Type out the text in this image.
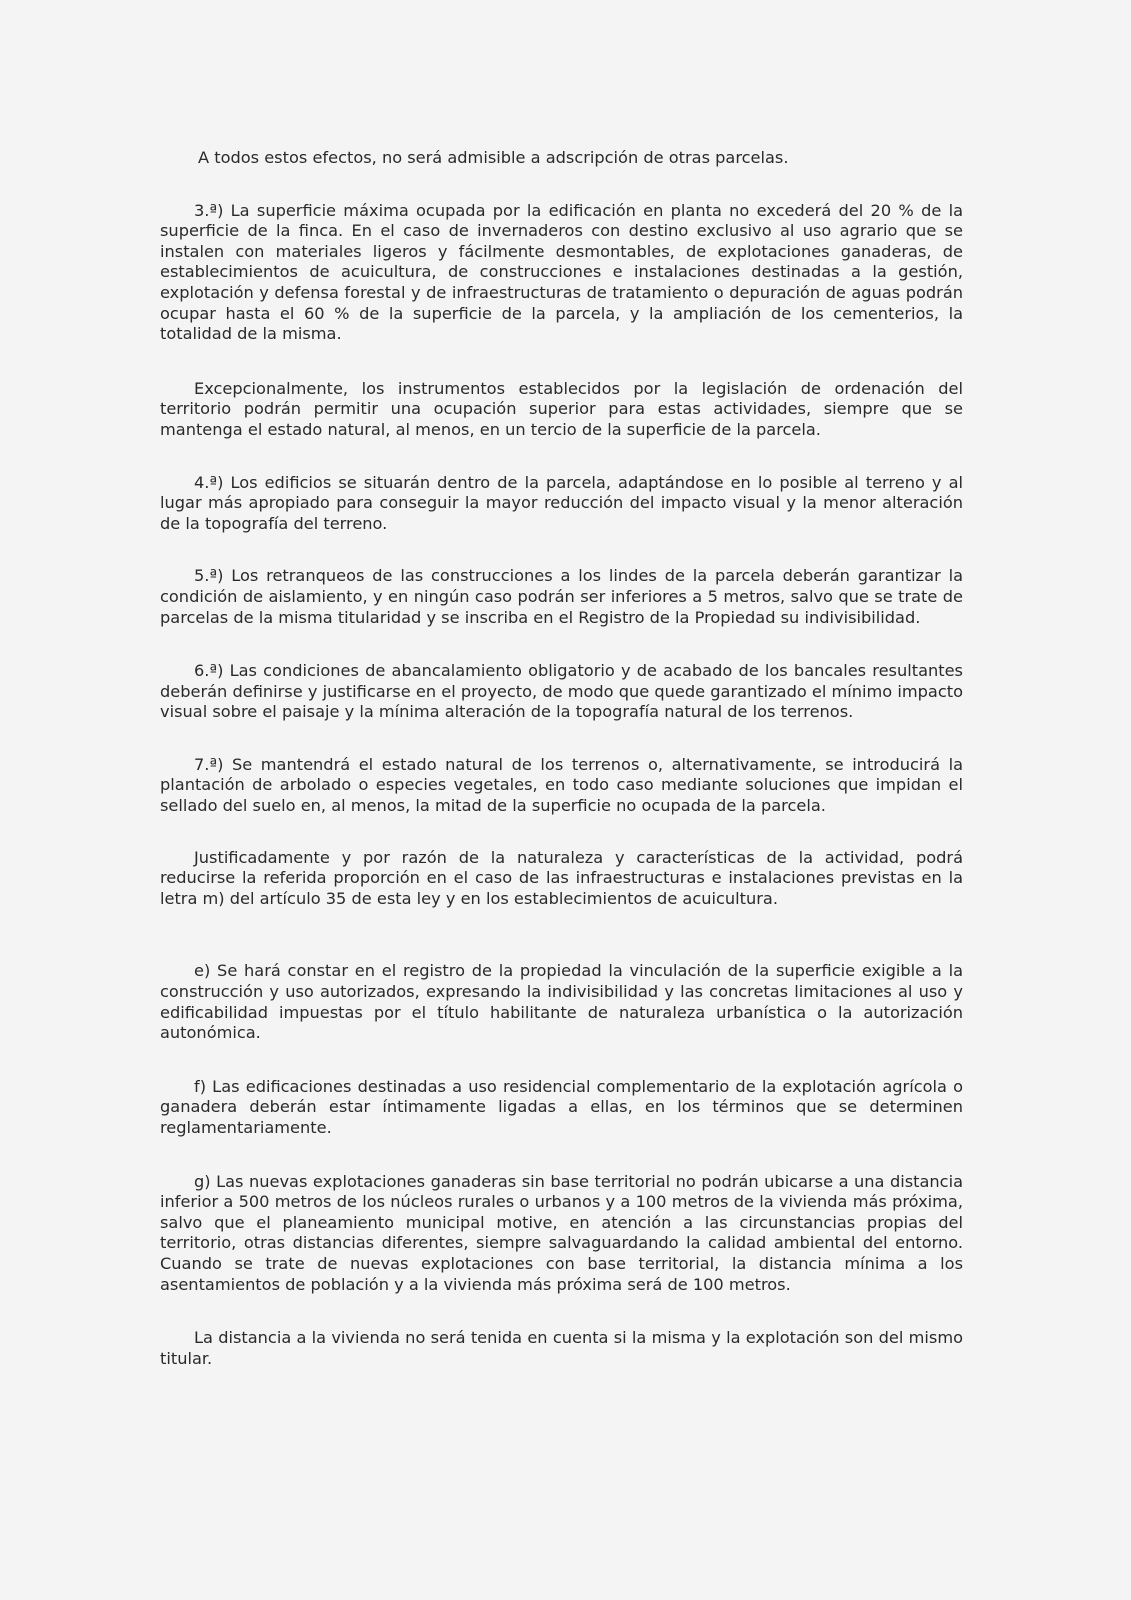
A todos estos efectos, no será admisible a adscripción de otras parcelas.

3.ª) La superficie máxima ocupada por la edificación en planta no excederá del 20 % de la superficie de la finca. En el caso de invernaderos con destino exclusivo al uso agrario que se instalen con materiales ligeros y fácilmente desmontables, de explotaciones ganaderas, de establecimientos de acuicultura, de construcciones e instalaciones destinadas a la gestión, explotación y defensa forestal y de infraestructuras de tratamiento o depuración de aguas podrán ocupar hasta el 60 % de la superficie de la parcela, y la ampliación de los cementerios, la totalidad de la misma.

Excepcionalmente, los instrumentos establecidos por la legislación de ordenación del territorio podrán permitir una ocupación superior para estas actividades, siempre que se mantenga el estado natural, al menos, en un tercio de la superficie de la parcela.

4.ª) Los edificios se situarán dentro de la parcela, adaptándose en lo posible al terreno y al lugar más apropiado para conseguir la mayor reducción del impacto visual y la menor alteración de la topografía del terreno.

5.ª) Los retranqueos de las construcciones a los lindes de la parcela deberán garantizar la condición de aislamiento, y en ningún caso podrán ser inferiores a 5 metros, salvo que se trate de parcelas de la misma titularidad y se inscriba en el Registro de la Propiedad su indivisibilidad.

6.ª) Las condiciones de abancalamiento obligatorio y de acabado de los bancales resultantes deberán definirse y justificarse en el proyecto, de modo que quede garantizado el mínimo impacto visual sobre el paisaje y la mínima alteración de la topografía natural de los terrenos.

7.ª) Se mantendrá el estado natural de los terrenos o, alternativamente, se introducirá la plantación de arbolado o especies vegetales, en todo caso mediante soluciones que impidan el sellado del suelo en, al menos, la mitad de la superficie no ocupada de la parcela.

Justificadamente y por razón de la naturaleza y características de la actividad, podrá reducirse la referida proporción en el caso de las infraestructuras e instalaciones previstas en la letra m) del artículo 35 de esta ley y en los establecimientos de acuicultura.

e) Se hará constar en el registro de la propiedad la vinculación de la superficie exigible a la construcción y uso autorizados, expresando la indivisibilidad y las concretas limitaciones al uso y edificabilidad impuestas por el título habilitante de naturaleza urbanística o la autorización autonómica.

f) Las edificaciones destinadas a uso residencial complementario de la explotación agrícola o ganadera deberán estar íntimamente ligadas a ellas, en los términos que se determinen reglamentariamente.

g) Las nuevas explotaciones ganaderas sin base territorial no podrán ubicarse a una distancia inferior a 500 metros de los núcleos rurales o urbanos y a 100 metros de la vivienda más próxima, salvo que el planeamiento municipal motive, en atención a las circunstancias propias del territorio, otras distancias diferentes, siempre salvaguardando la calidad ambiental del entorno. Cuando se trate de nuevas explotaciones con base territorial, la distancia mínima a los asentamientos de población y a la vivienda más próxima será de 100 metros.

La distancia a la vivienda no será tenida en cuenta si la misma y la explotación son del mismo titular.
